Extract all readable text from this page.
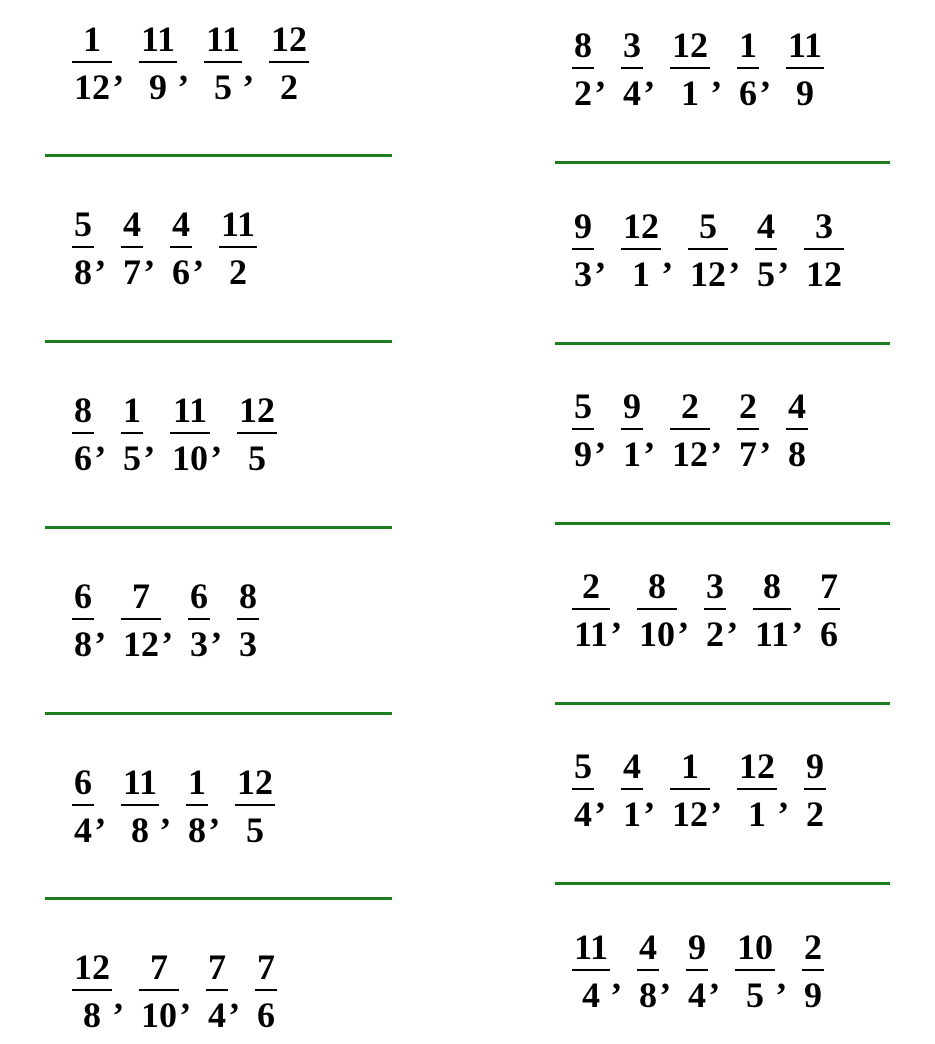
$\frac{1}{12}$ , $\frac{11}{9}$ , $\frac{11}{5}$ , $\frac{12}{2}$
$\frac{5}{8}$ , $\frac{4}{7}$ , $\frac{4}{6}$ , $\frac{11}{2}$
$\frac{8}{6}$ , $\frac{1}{5}$ , $\frac{11}{10}$ , $\frac{12}{5}$
$\frac{6}{8}$ , $\frac{7}{12}$ , $\frac{6}{3}$ , $\frac{8}{3}$
$\frac{6}{4}$ , $\frac{11}{8}$ , $\frac{1}{8}$ , $\frac{12}{5}$
$\frac{12}{8}$ , $\frac{7}{10}$ , $\frac{7}{4}$ , $\frac{7}{6}$
$\frac{8}{2}$ , $\frac{3}{4}$ , $\frac{12}{1}$ , $\frac{1}{6}$ , $\frac{11}{9}$
$\frac{9}{3}$ , $\frac{12}{1}$ , $\frac{5}{12}$ , $\frac{4}{5}$ , $\frac{3}{12}$
$\frac{5}{9}$ , $\frac{9}{1}$ , $\frac{2}{12}$ , $\frac{2}{7}$ , $\frac{4}{8}$
$\frac{2}{11}$ , $\frac{8}{10}$ , $\frac{3}{2}$ , $\frac{8}{11}$ , $\frac{7}{6}$
$\frac{5}{4}$ , $\frac{4}{1}$ , $\frac{1}{12}$ , $\frac{12}{1}$ , $\frac{9}{2}$
$\frac{11}{4}$ , $\frac{4}{8}$ , $\frac{9}{4}$ , $\frac{10}{5}$ , $\frac{2}{9}$
